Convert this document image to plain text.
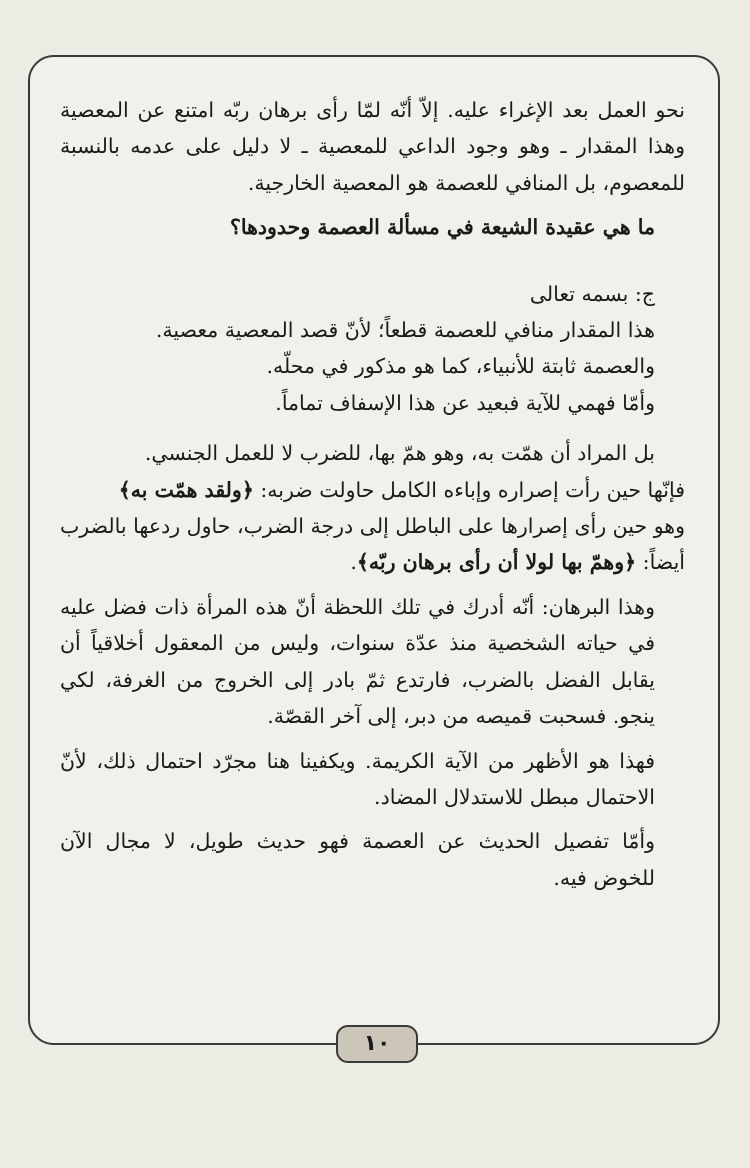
نحو العمل بعد الإغراء عليه. إلاّ أنّه لمّا رأى برهان ربّه امتنع عن المعصية وهذا المقدار ـ وهو وجود الداعي للمعصية ـ لا دليل على عدمه بالنسبة للمعصوم، بل المنافي للعصمة هو المعصية الخارجية.

ما هي عقيدة الشيعة في مسألة العصمة وحدودها؟

ج: بسمه تعالى

هذا المقدار منافي للعصمة قطعاً؛ لأنّ قصد المعصية معصية.

والعصمة ثابتة للأنبياء، كما هو مذكور في محلّه.

وأمّا فهمي للآية فبعيد عن هذا الإسفاف تماماً.

بل المراد أن همّت به، وهو همّ بها، للضرب لا للعمل الجنسي.

فإنّها حين رأت إصراره وإباءه الكامل حاولت ضربه: ﴿ولقد همّت به﴾

وهو حين رأى إصرارها على الباطل إلى درجة الضرب، حاول ردعها بالضرب أيضاً: ﴿وهمّ بها لولا أن رأى برهان ربّه﴾.

وهذا البرهان: أنّه أدرك في تلك اللحظة أنّ هذه المرأة ذات فضل عليه في حياته الشخصية منذ عدّة سنوات، وليس من المعقول أخلاقياً أن يقابل الفضل بالضرب، فارتدع ثمّ بادر إلى الخروج من الغرفة، لكي ينجو. فسحبت قميصه من دبر، إلى آخر القصّة.

فهذا هو الأظهر من الآية الكريمة. ويكفينا هنا مجرّد احتمال ذلك، لأنّ الاحتمال مبطل للاستدلال المضاد.

وأمّا تفصيل الحديث عن العصمة فهو حديث طويل، لا مجال الآن للخوض فيه.

١٠
